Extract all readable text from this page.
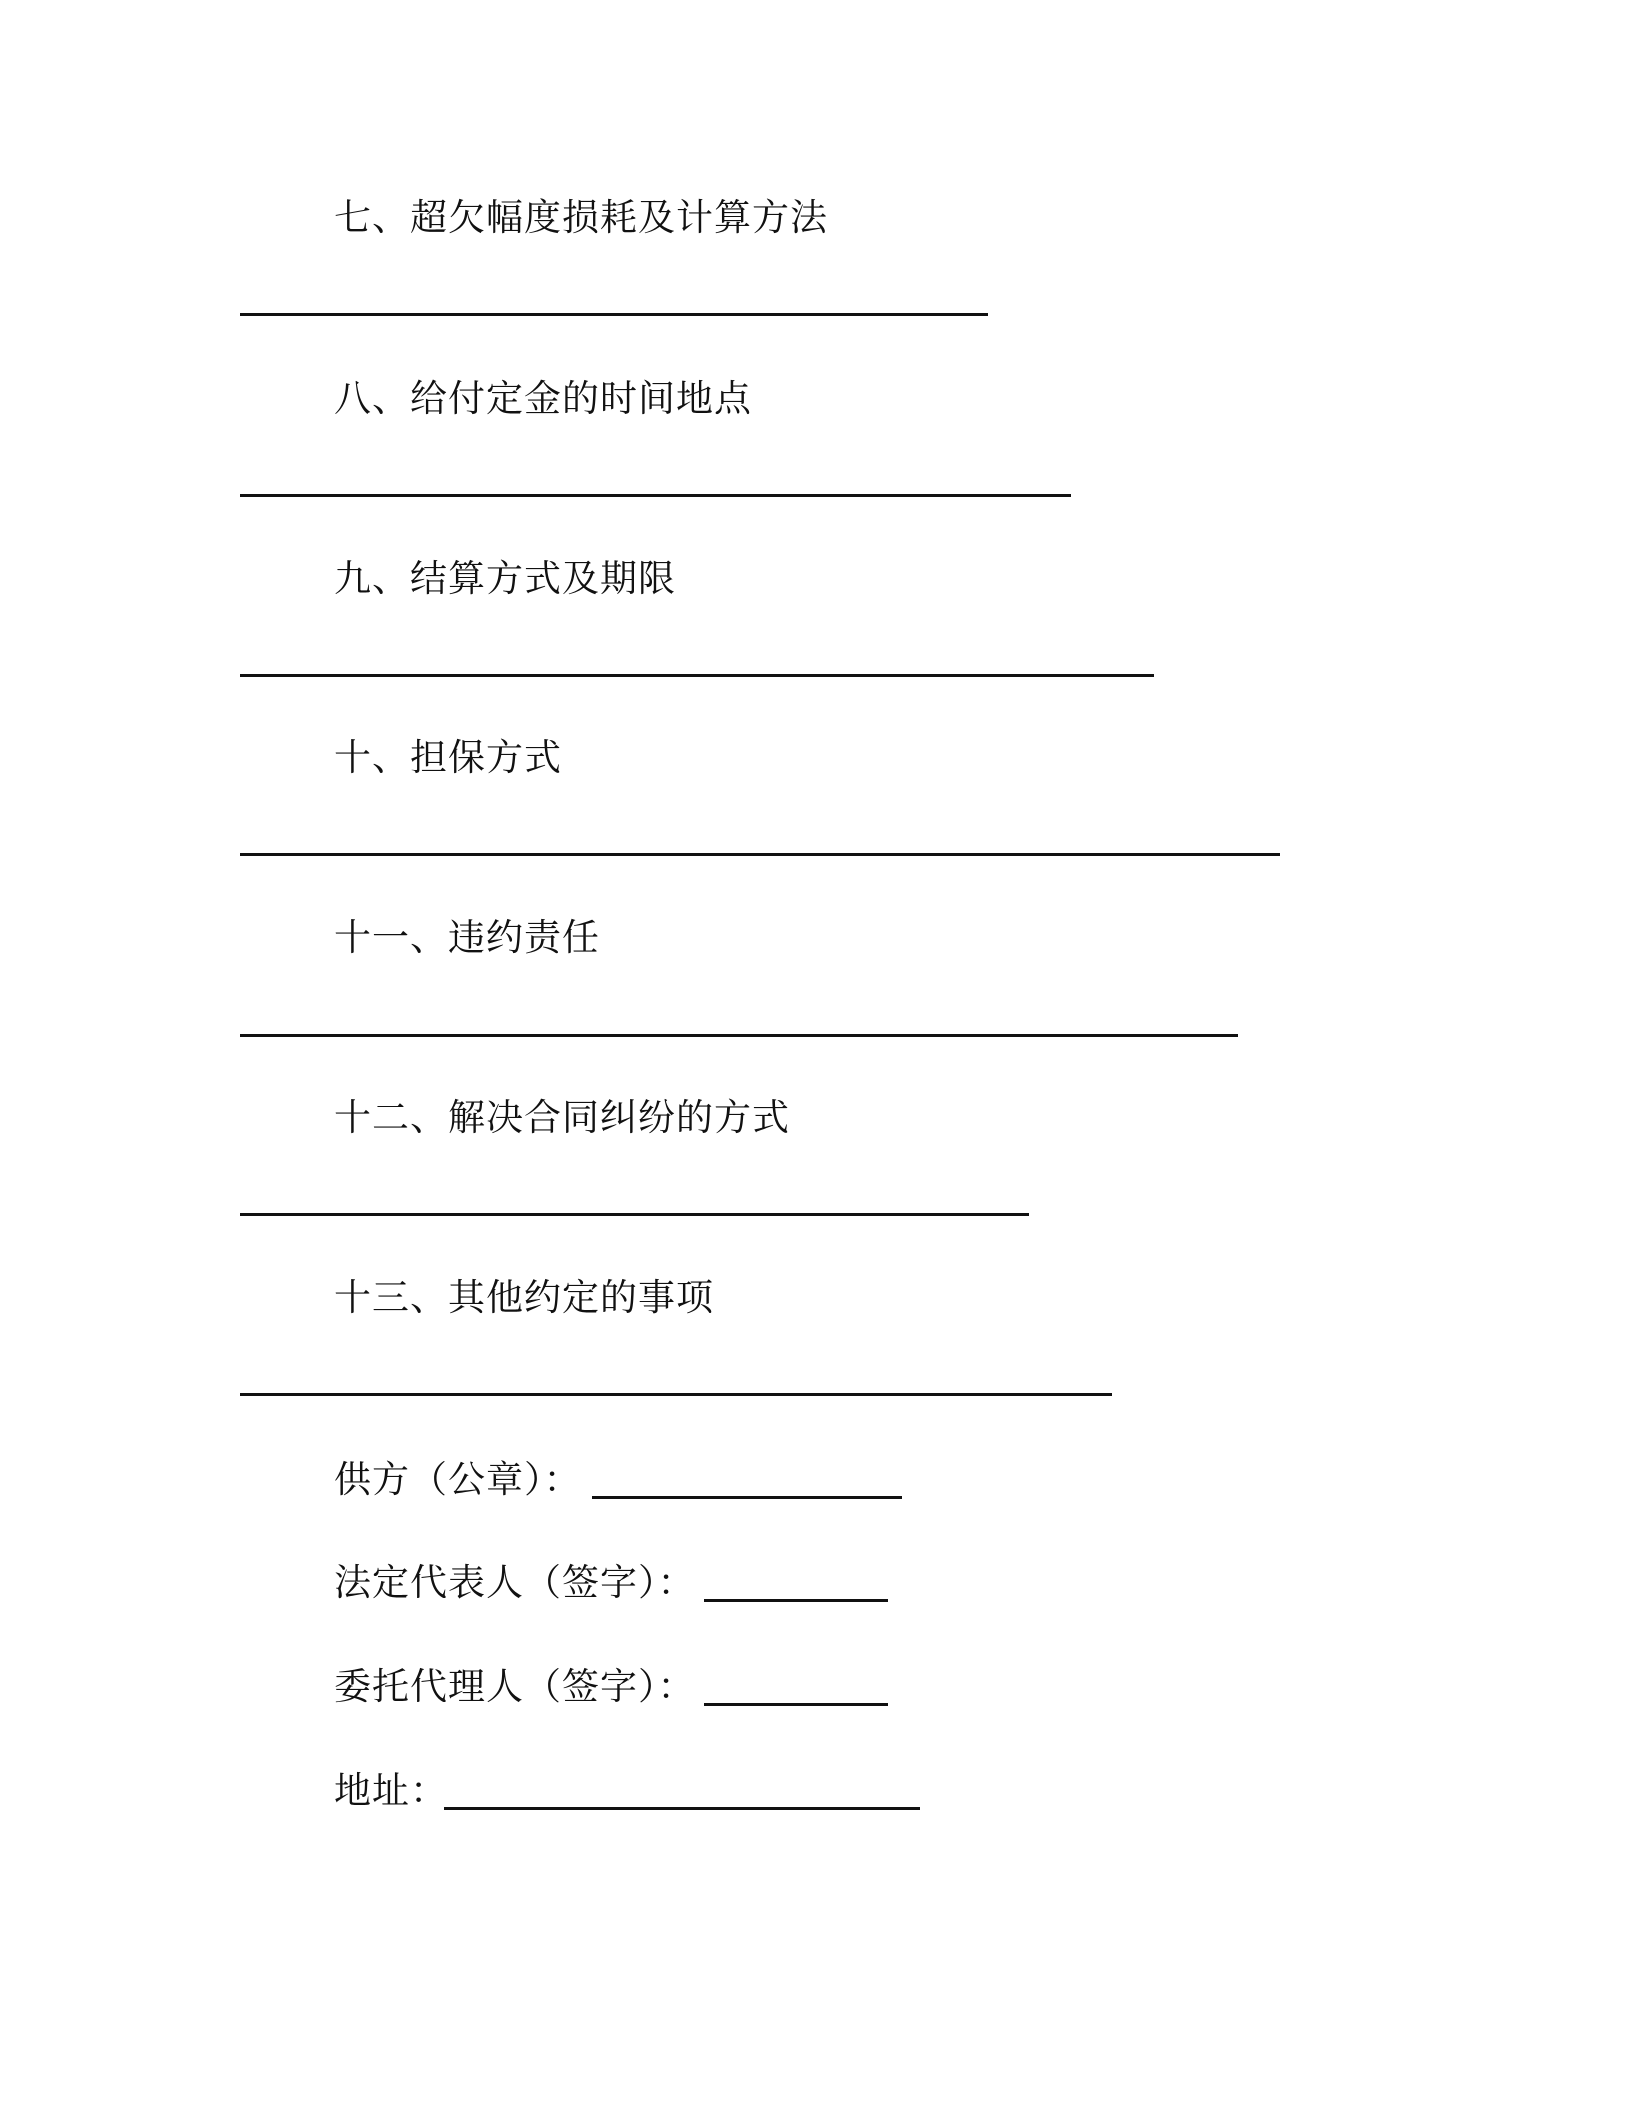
七、超欠幅度损耗及计算方法
八、给付定金的时间地点
九、结算方式及期限
十、担保方式
十一、违约责任
十二、解决合同纠纷的方式
十三、其他约定的事项
供方（公章）：
法定代表人（签字）：
委托代理人（签字）：
地址：
